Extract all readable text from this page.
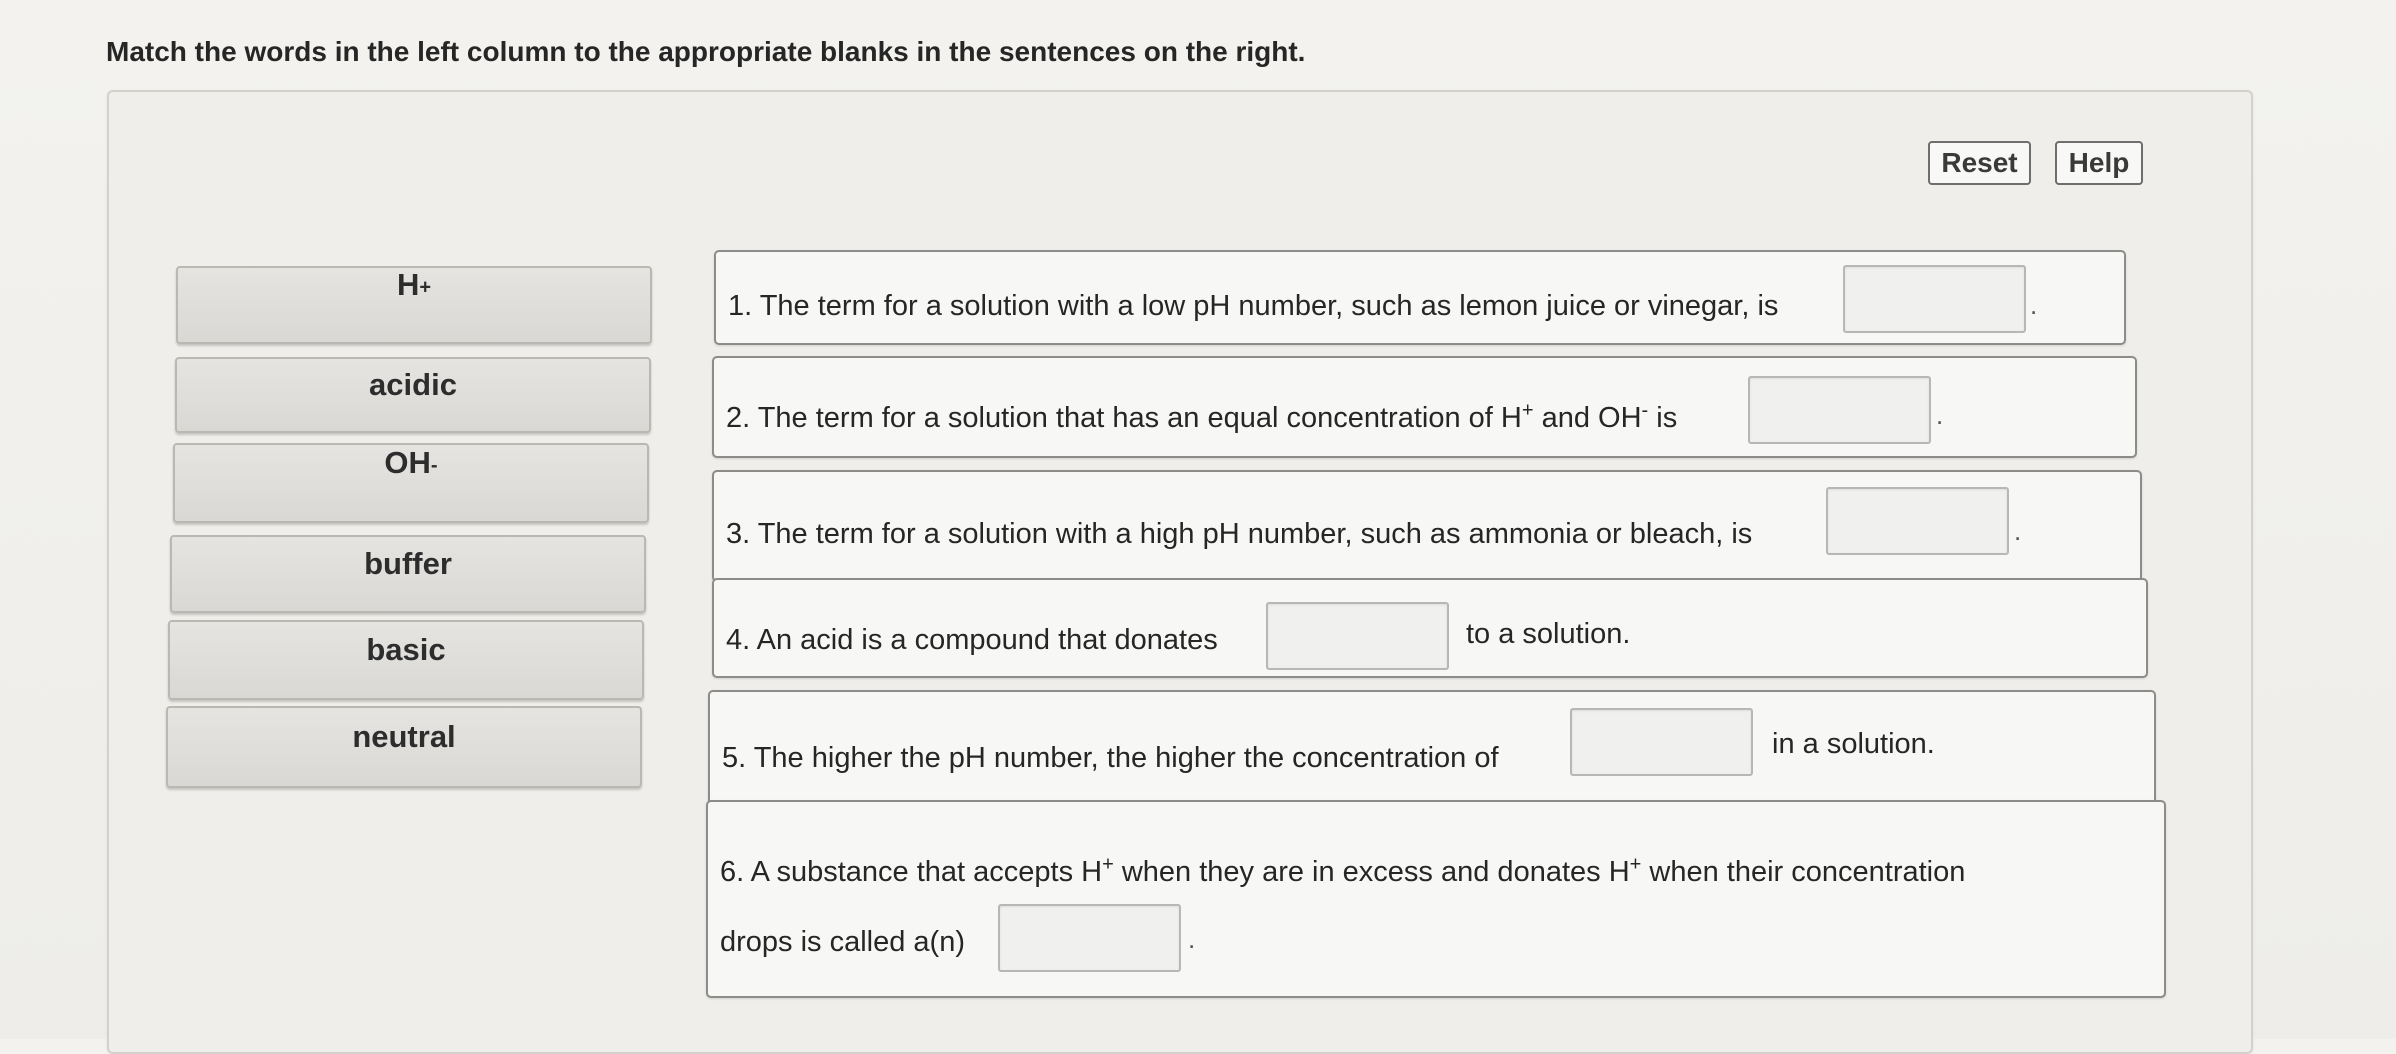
Match the words in the left column to the appropriate blanks in the sentences on the right.
Reset	Help
H+
acidic
OH-
buffer
basic
neutral
1. The term for a solution with a low pH number, such as lemon juice or vinegar, is	.
2. The term for a solution that has an equal concentration of H+ and OH- is	.
3. The term for a solution with a high pH number, such as ammonia or bleach, is	.
4. An acid is a compound that donates	to a solution.
5. The higher the pH number, the higher the concentration of	in a solution.
6. A substance that accepts H+ when they are in excess and donates H+ when their concentration
drops is called a(n)	.
